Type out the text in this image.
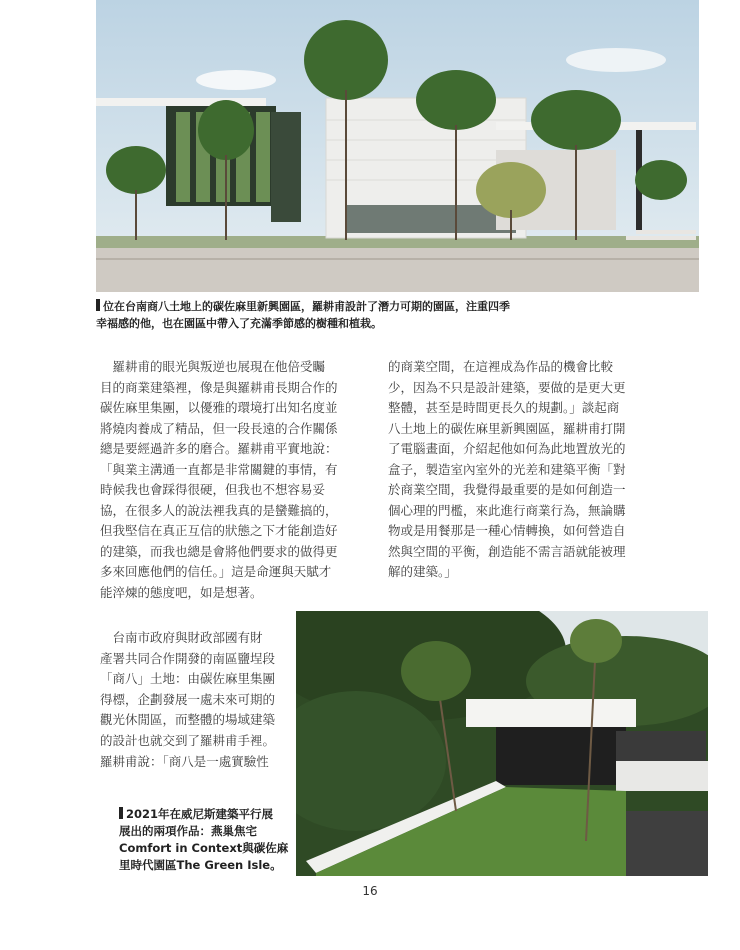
位在台南商八土地上的碳佐麻里新興園區，羅耕甫設計了潛力可期的園區，注重四季
幸福感的他，也在園區中帶入了充滿季節感的樹種和植栽。

　羅耕甫的眼光與叛逆也展現在他倍受矚

目的商業建築裡，像是與羅耕甫長期合作的

碳佐麻里集團，以優雅的環境打出知名度並

將燒肉養成了精品，但一段長遠的合作關係

總是要經過許多的磨合。羅耕甫平實地說：

「與業主溝通一直都是非常關鍵的事情，有

時候我也會踩得很硬，但我也不想容易妥

協，在很多人的說法裡我真的是蠻難搞的，

但我堅信在真正互信的狀態之下才能創造好

的建築，而我也總是會將他們要求的做得更

多來回應他們的信任。」這是命運與天賦才

能淬煉的態度吧，如是想著。

的商業空間，在這裡成為作品的機會比較

少，因為不只是設計建築，要做的是更大更

整體，甚至是時間更長久的規劃。」談起商

八土地上的碳佐麻里新興園區，羅耕甫打開

了電腦畫面，介紹起他如何為此地置放光的

盒子，製造室內室外的光差和建築平衡「對

於商業空間，我覺得最重要的是如何創造一

個心理的門檻，來此進行商業行為，無論購

物或是用餐那是一種心情轉換，如何營造自

然與空間的平衡，創造能不需言語就能被理

解的建築。」

　台南市政府與財政部國有財

產署共同合作開發的南區鹽埕段

「商八」土地：由碳佐麻里集團

得標，企劃發展一處未來可期的

觀光休閒區，而整體的場域建築

的設計也就交到了羅耕甫手裡。

羅耕甫說：「商八是一處實驗性

2021年在威尼斯建築平行展

展出的兩項作品：燕巢焦宅

Comfort in Context與碳佐麻

里時代園區The Green Isle。

16
